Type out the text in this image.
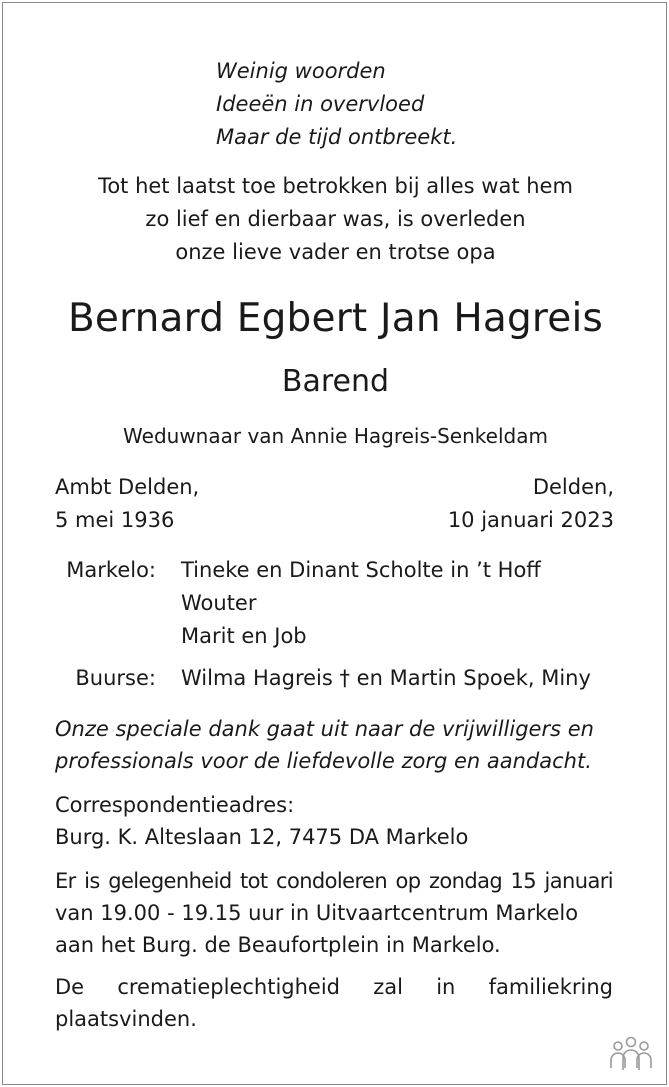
Weinig woorden
Ideeën in overvloed
Maar de tijd ontbreekt.
Tot het laatst toe betrokken bij alles wat hem
zo lief en dierbaar was, is overleden
onze lieve vader en trotse opa
Bernard Egbert Jan Hagreis
Barend
Weduwnaar van Annie Hagreis-Senkeldam
Ambt Delden,
5 mei 1936
Delden,
10 januari 2023
Markelo: Tineke en Dinant Scholte in ’t Hoff
Wouter
Marit en Job
Buurse: Wilma Hagreis † en Martin Spoek, Miny
Onze speciale dank gaat uit naar de vrijwilligers en
professionals voor de liefdevolle zorg en aandacht.
Correspondentieadres:
Burg. K. Alteslaan 12, 7475 DA Markelo
Er is gelegenheid tot condoleren op zondag 15 januari
van 19.00 - 19.15 uur in Uitvaartcentrum Markelo
aan het Burg. de Beaufortplein in Markelo.
De crematieplechtigheid zal in familiekring
plaatsvinden.
